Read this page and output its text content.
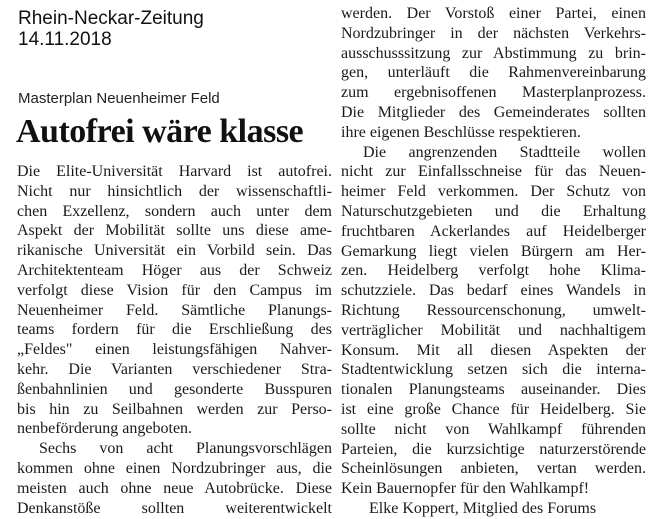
Rhein-Neckar-Zeitung
14.11.2018
Masterplan Neuenheimer Feld
Autofrei wäre klasse
Die Elite-Universität Harvard ist autofrei.
Nicht nur hinsichtlich der wissenschaftli-
chen Exzellenz, sondern auch unter dem
Aspekt der Mobilität sollte uns diese ame-
rikanische Universität ein Vorbild sein. Das
Architektenteam Höger aus der Schweiz
verfolgt diese Vision für den Campus im
Neuenheimer Feld. Sämtliche Planungs-
teams fordern für die Erschließung des
„Feldes" einen leistungsfähigen Nahver-
kehr. Die Varianten verschiedener Stra-
ßenbahnlinien und gesonderte Busspuren
bis hin zu Seilbahnen werden zur Perso-
nenbeförderung angeboten.
Sechs von acht Planungsvorschlägen
kommen ohne einen Nordzubringer aus, die
meisten auch ohne neue Autobrücke. Diese
Denkanstöße sollten weiterentwickelt
werden. Der Vorstoß einer Partei, einen
Nordzubringer in der nächsten Verkehrs-
ausschusssitzung zur Abstimmung zu brin-
gen, unterläuft die Rahmenvereinbarung
zum ergebnisoffenen Masterplanprozess.
Die Mitglieder des Gemeinderates sollten
ihre eigenen Beschlüsse respektieren.
Die angrenzenden Stadtteile wollen
nicht zur Einfallsschneise für das Neuen-
heimer Feld verkommen. Der Schutz von
Naturschutzgebieten und die Erhaltung
fruchtbaren Ackerlandes auf Heidelberger
Gemarkung liegt vielen Bürgern am Her-
zen. Heidelberg verfolgt hohe Klima-
schutzziele. Das bedarf eines Wandels in
Richtung Ressourcenschonung, umwelt-
verträglicher Mobilität und nachhaltigem
Konsum. Mit all diesen Aspekten der
Stadtentwicklung setzen sich die interna-
tionalen Planungsteams auseinander. Dies
ist eine große Chance für Heidelberg. Sie
sollte nicht von Wahlkampf führenden
Parteien, die kurzsichtige naturzerstörende
Scheinlösungen anbieten, vertan werden.
Kein Bauernopfer für den Wahlkampf!
Elke Koppert, Mitglied des Forums
